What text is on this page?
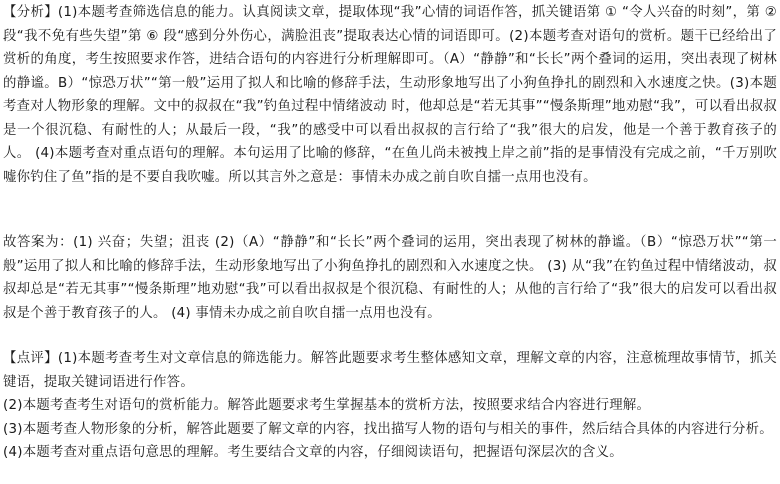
【分析】(1)本题考查筛选信息的能力。认真阅读文章，提取体现“我”心情的词语作答，抓关键语第 ① “令人兴奋的时刻”，第 ② 段“我不免有些失望”第 ⑥ 段“感到分外伤心，满脸沮丧”提取表达心情的词语即可。(2)本题考查对语句的赏析。题干已经给出了赏析的角度，考生按照要求作答，进结合语句的内容进行分析理解即可。（A）“静静”和“长长”两个叠词的运用，突出表现了树林的静谧。B）“惊恐万状”“第一般”运用了拟人和比喻的修辞手法，生动形象地写出了小狗鱼挣扎的剧烈和入水速度之快。(3)本题考查对人物形象的理解。文中的叔叔在“我”钓鱼过程中情绪波动 时，他却总是“若无其事”“慢条斯理”地劝慰“我”，可以看出叔叔是一个很沉稳、有耐性的人；从最后一段，“我”的感受中可以看出叔叔的言行给了“我”很大的启发，他是一个善于教育孩子的人。 (4)本题考查对重点语句的理解。本句运用了比喻的修辞，“在鱼儿尚未被拽上岸之前”指的是事情没有完成之前，“千万别吹嘘你钓住了鱼”指的是不要自我吹嘘。所以其言外之意是：事情未办成之前自吹自擂一点用也没有。

故答案为：(1) 兴奋；失望；沮丧 (2)（A）“静静”和“长长”两个叠词的运用，突出表现了树林的静谧。（B）“惊恐万状”“第一般”运用了拟人和比喻的修辞手法，生动形象地写出了小狗鱼挣扎的剧烈和入水速度之快。 (3) 从“我”在钓鱼过程中情绪波动，叔叔却总是“若无其事”“慢条斯理”地劝慰“我”可以看出叔叔是个很沉稳、有耐性的人；从他的言行给了“我”很大的启发可以看出叔叔是个善于教育孩子的人。 (4) 事情未办成之前自吹自擂一点用也没有。

【点评】(1)本题考查考生对文章信息的筛选能力。解答此题要求考生整体感知文章，理解文章的内容，注意梳理故事情节，抓关键语，提取关键词语进行作答。

(2)本题考查考生对语句的赏析能力。解答此题要求考生掌握基本的赏析方法，按照要求结合内容进行理解。

(3)本题考查人物形象的分析，解答此题要了解文章的内容，找出描写人物的语句与相关的事件，然后结合具体的内容进行分析。

(4)本题考查对重点语句意思的理解。考生要结合文章的内容，仔细阅读语句，把握语句深层次的含义。
